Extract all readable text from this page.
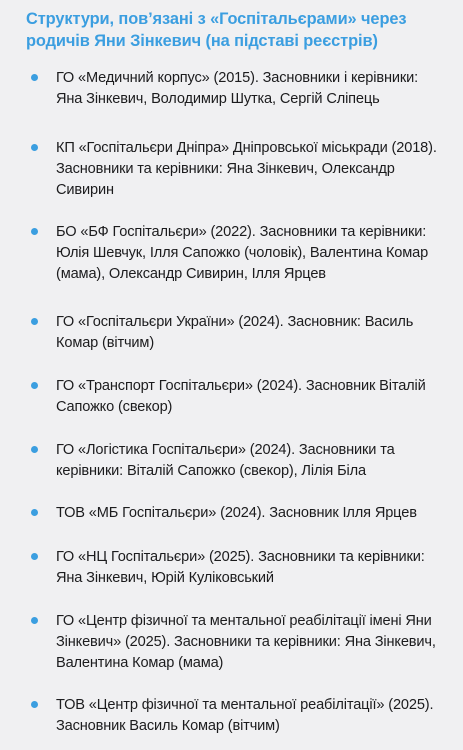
Структури, пов’язані з «Госпітальєрами» через
родичів Яни Зінкевич (на підставі реєстрів)
ГО «Медичний корпус» (2015). Засновники і керівники:
Яна Зінкевич, Володимир Шутка, Сергій Сліпець
КП «Госпітальєри Дніпра» Дніпровської міськради (2018).
Засновники та керівники: Яна Зінкевич, Олександр
Сивирин
БО «БФ Госпітальєри» (2022). Засновники та керівники:
Юлія Шевчук, Ілля Сапожко (чоловік), Валентина Комар
(мама), Олександр Сивирин, Ілля Ярцев
ГО «Госпітальєри України» (2024). Засновник: Василь
Комар (вітчим)
ГО «Транспорт Госпітальєри» (2024). Засновник Віталій
Сапожко (свекор)
ГО «Логістика Госпітальєри» (2024). Засновники та
керівники: Віталій Сапожко (свекор), Лілія Біла
ТОВ «МБ Госпітальєри» (2024). Засновник Ілля Ярцев
ГО «НЦ Госпітальєри» (2025). Засновники та керівники:
Яна Зінкевич, Юрій Куліковський
ГО «Центр фізичної та ментальної реабілітації імені Яни
Зінкевич» (2025). Засновники та керівники: Яна Зінкевич,
Валентина Комар (мама)
ТОВ «Центр фізичної та ментальної реабілітації» (2025).
Засновник Василь Комар (вітчим)
